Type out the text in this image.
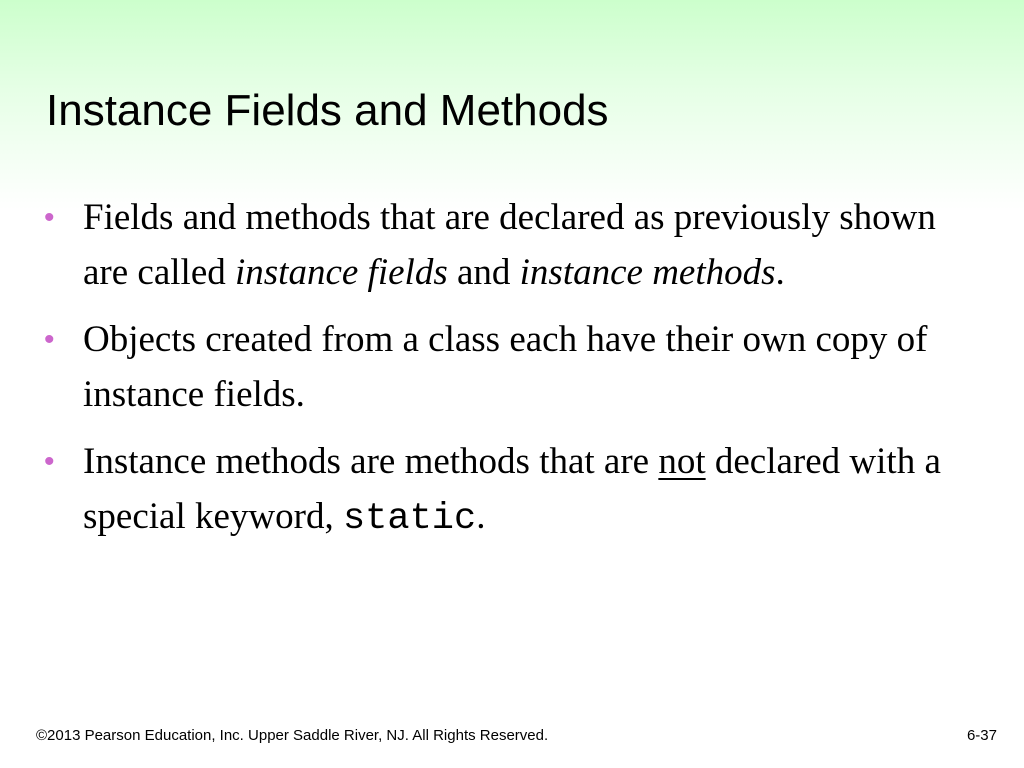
Instance Fields and Methods
• Fields and methods that are declared as previously shown are called instance fields and instance methods.
• Objects created from a class each have their own copy of instance fields.
• Instance methods are methods that are not declared with a special keyword, static.
©2013 Pearson Education, Inc. Upper Saddle River, NJ. All Rights Reserved.	6-37
